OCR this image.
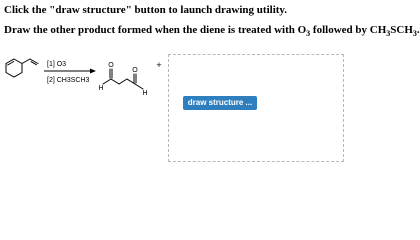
Click the "draw structure" button to launch drawing utility.
Draw the other product formed when the diene is treated with $O_3$ followed by $CH_3SCH_3$.
[1] O3
[2] CH3SCH3
O
O
H
H
+
draw structure ...
